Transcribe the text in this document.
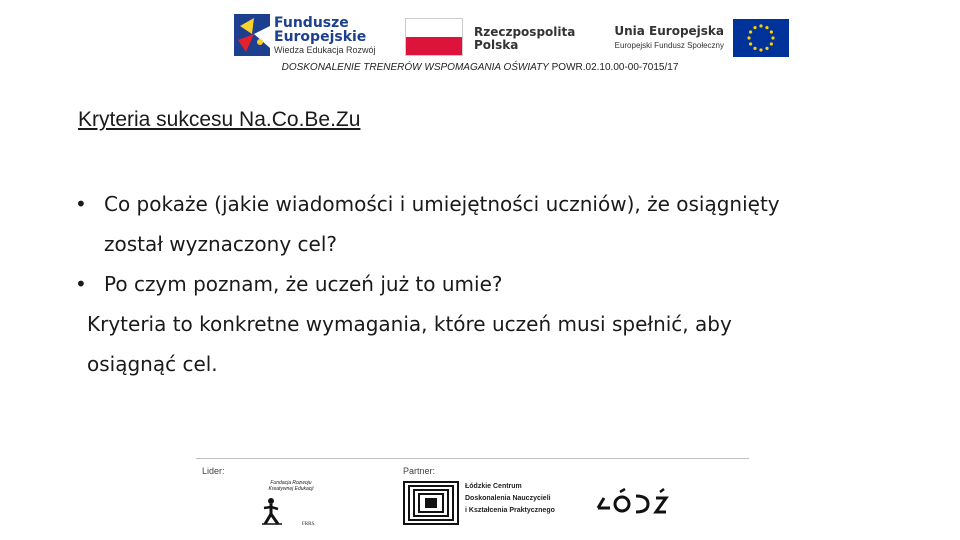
Fundusze
Europejskie
Wiedza Edukacja Rozwój
Rzeczpospolita
Polska
Unia Europejska
Europejski Fundusz Społeczny
DOSKONALENIE TRENERÓW WSPOMAGANIA OŚWIATY POWR.02.10.00-00-7015/17
Kryteria sukcesu Na.Co.Be.Zu
• Co pokaże (jakie wiadomości i umiejętności uczniów), że osiągnięty
został wyznaczony cel?
• Po czym poznam, że uczeń już to umie?
Kryteria to konkretne wymagania, które uczeń musi spełnić, aby
osiągnąć cel.
Lider:	Partner:
Fundacja Rozwoju
Kreatywnej Edukacji
FRRS.
Łódzkie Centrum
Doskonalenia Nauczycieli
i Kształcenia Praktycznego
